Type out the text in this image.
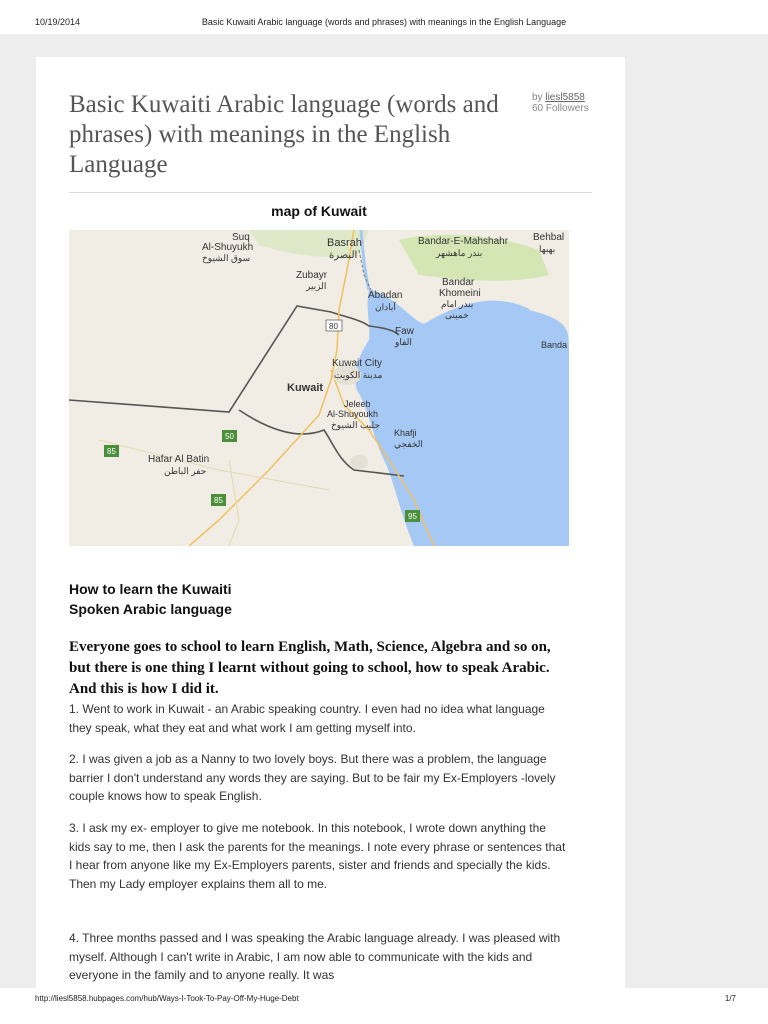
10/19/2014	Basic Kuwaiti Arabic language (words and phrases) with meanings in the English Language
Basic Kuwaiti Arabic language (words and phrases) with meanings in the English Language
by liesl5858
60 Followers
map of Kuwait
Suq
Al-Shuyukh
سوق الشيوخ
Basrah
البصرة
Bandar-E-Mahshahr
بندر ماهشهر
Behbal
بهبها
Zubayr
الزبير
Abadan
آبادان
Bandar
Khomeini
بندر امام
خمینی
Faw
الفاو
Kuwait City
مدينة الكويت
Kuwait
Jeleeb
Al-Shuyoukh
جليب الشيوخ
Hafar Al Batin
حفر الباطن
Khafji
الخفجي
Banda
80
50
85
85
95
How to learn the Kuwaiti
Spoken Arabic language
Everyone goes to school to learn English, Math, Science, Algebra and so on, but there is one thing I learnt without going to school, how to speak Arabic. And this is how I did it.

1. Went to work in Kuwait - an Arabic speaking country. I even had no idea what language they speak, what they eat and what work I am getting myself into.

2. I was given a job as a Nanny to two lovely boys. But there was a problem, the language barrier I don't understand any words they are saying. But to be fair my Ex-Employers -lovely couple knows how to speak English.

3. I ask my ex- employer to give me notebook. In this notebook, I wrote down anything the kids say to me, then I ask the parents for the meanings. I note every phrase or sentences that I hear from anyone like my Ex-Employers parents, sister and friends and specially the kids. Then my Lady employer explains them all to me.

4. Three months passed and I was speaking the Arabic language already. I was pleased with myself. Although I can't write in Arabic, I am now able to communicate with the kids and everyone in the family and to anyone really. It was

http://liesl5858.hubpages.com/hub/Ways-I-Took-To-Pay-Off-My-Huge-Debt	1/7
